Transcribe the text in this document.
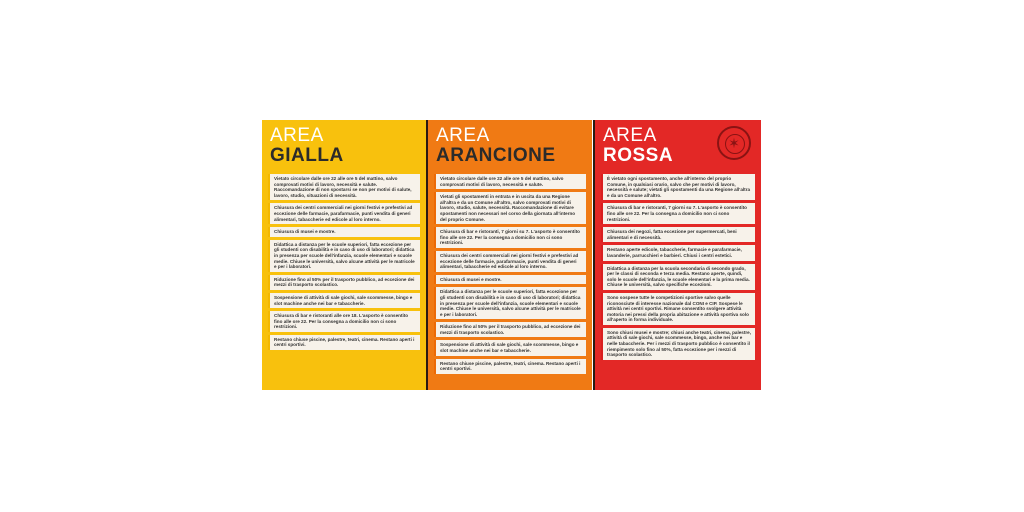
AREA
GIALLA
Vietato circolare dalle ore 22 alle ore 5 del mattino, salvo comprovati motivi di lavoro, necessità e salute. Raccomandazione di non spostarsi se non per motivi di salute, lavoro, studio, situazioni di necessità.
Chiusura dei centri commerciali nei giorni festivi e prefestivi ad eccezione delle farmacie, parafarmacie, punti vendita di generi alimentari, tabaccherie ed edicole al loro interno.
Chiusura di musei e mostre.
Didattica a distanza per le scuole superiori, fatta eccezione per gli studenti con disabilità e in caso di uso di laboratori; didattica in presenza per scuole dell'infanzia, scuole elementari e scuole medie. Chiuse le università, salvo alcune attività per le matricole e per i laboratori.
Riduzione fino al 50% per il trasporto pubblico, ad eccezione dei mezzi di trasporto scolastico.
Sospensione di attività di sale giochi, sale scommesse, bingo e slot machine anche nei bar e tabaccherie.
Chiusura di bar e ristoranti alle ore 18. L'asporto è consentito fino alle ore 22. Per la consegna a domicilio non ci sono restrizioni.
Restano chiuse piscine, palestre, teatri, cinema. Restano aperti i centri sportivi.
AREA
ARANCIONE
Vietato circolare dalle ore 22 alle ore 5 del mattino, salvo comprovati motivi di lavoro, necessità e salute.
Vietati gli spostamenti in entrata e in uscita da una Regione all'altra e da un Comune all'altro, salvo comprovati motivi di lavoro, studio, salute, necessità. Raccomandazione di evitare spostamenti non necessari nel corso della giornata all'interno del proprio Comune.
Chiusura di bar e ristoranti, 7 giorni su 7. L'asporto è consentito fino alle ore 22. Per la consegna a domicilio non ci sono restrizioni.
Chiusura dei centri commerciali nei giorni festivi e prefestivi ad eccezione delle farmacie, parafarmacie, punti vendita di generi alimentari, tabaccherie ed edicole al loro interno.
Chiusura di musei e mostre.
Didattica a distanza per le scuole superiori, fatta eccezione per gli studenti con disabilità e in caso di uso di laboratori; didattica in presenza per scuole dell'infanzia, scuole elementari e scuole medie. Chiuse le università, salvo alcune attività per le matricole e per i laboratori.
Riduzione fino al 50% per il trasporto pubblico, ad eccezione dei mezzi di trasporto scolastico.
Sospensione di attività di sale giochi, sale scommesse, bingo e slot machine anche nei bar e tabaccherie.
Restano chiuse piscine, palestre, teatri, cinema. Restano aperti i centri sportivi.
AREA
ROSSA
✶
È vietato ogni spostamento, anche all'interno del proprio Comune, in qualsiasi orario, salvo che per motivi di lavoro, necessità e salute; vietati gli spostamenti da una Regione all'altra e da un Comune all'altro.
Chiusura di bar e ristoranti, 7 giorni su 7. L'asporto è consentito fino alle ore 22. Per la consegna a domicilio non ci sono restrizioni.
Chiusura dei negozi, fatta eccezione per supermercati, beni alimentari e di necessità.
Restano aperte edicole, tabaccherie, farmacie e parafarmacie, lavanderie, parrucchieri e barbieri. Chiusi i centri estetici.
Didattica a distanza per la scuola secondaria di secondo grado, per le classi di seconda e terza media. Restano aperte, quindi, solo le scuole dell'infanzia, le scuole elementari e la prima media. Chiuse le università, salvo specifiche eccezioni.
Sono sospese tutte le competizioni sportive salvo quelle riconosciute di interesse nazionale dal CONI e CIP. Sospese le attività nei centri sportivi. Rimane consentito svolgere attività motoria nei pressi della propria abitazione e attività sportiva solo all'aperto in forma individuale.
Sono chiusi musei e mostre; chiusi anche teatri, cinema, palestre, attività di sale giochi, sale scommesse, bingo, anche nei bar e nelle tabaccherie. Per i mezzi di trasporto pubblico è consentito il riempimento solo fino al 50%, fatta eccezione per i mezzi di trasporto scolastico.
